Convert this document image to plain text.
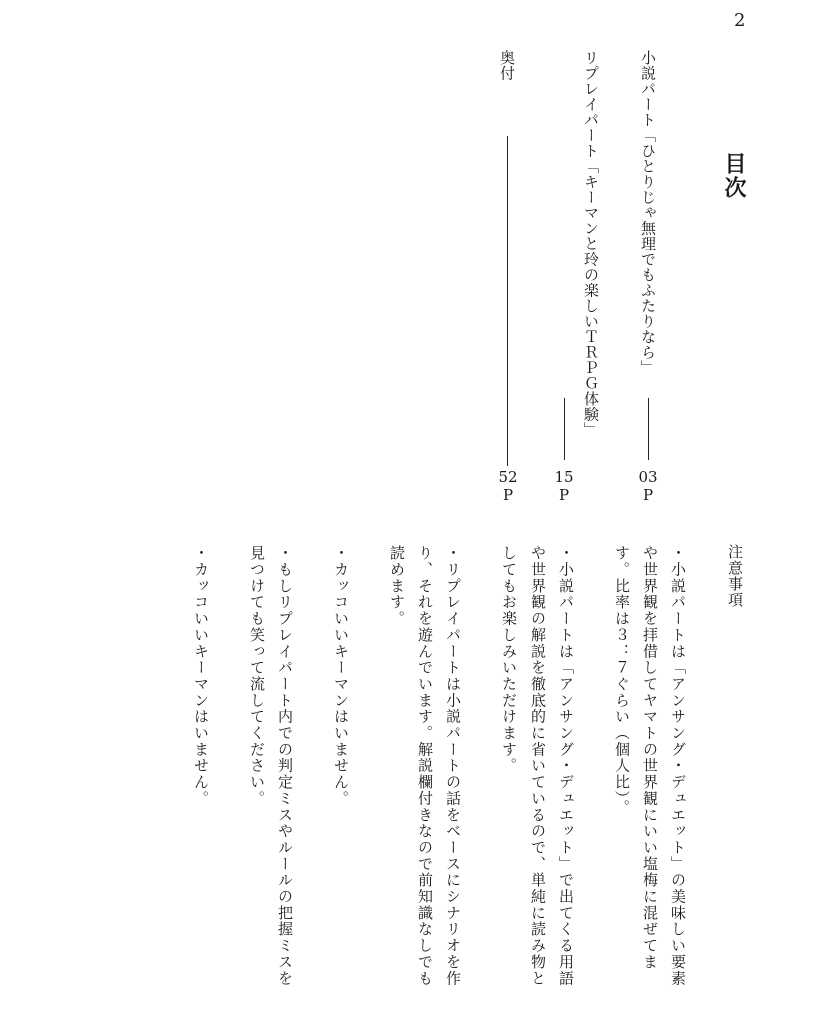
2
目次
小説パート「ひとりじゃ無理でもふたりなら」
03
P
リプレイパート「キーマンと玲の楽しいＴＲＰＧ体験」
15
P
奥付
52
P
注意事項
・小説パートは「アンサング・デュエット」の美味しい要素
や世界観を拝借してヤマトの世界観にいい塩梅に混ぜてま
す。比率は３：７ぐらい（個人比）。
・小説パートは「アンサング・デュエット」で出てくる用語
や世界観の解説を徹底的に省いているので、単純に読み物と
してもお楽しみいただけます。
・リプレイパートは小説パートの話をベースにシナリオを作
り、それを遊んでいます。解説欄付きなので前知識なしでも
読めます。
・カッコいいキーマンはいません。
・もしリプレイパート内での判定ミスやルールの把握ミスを
見つけても笑って流してください。
・カッコいいキーマンはいません。
